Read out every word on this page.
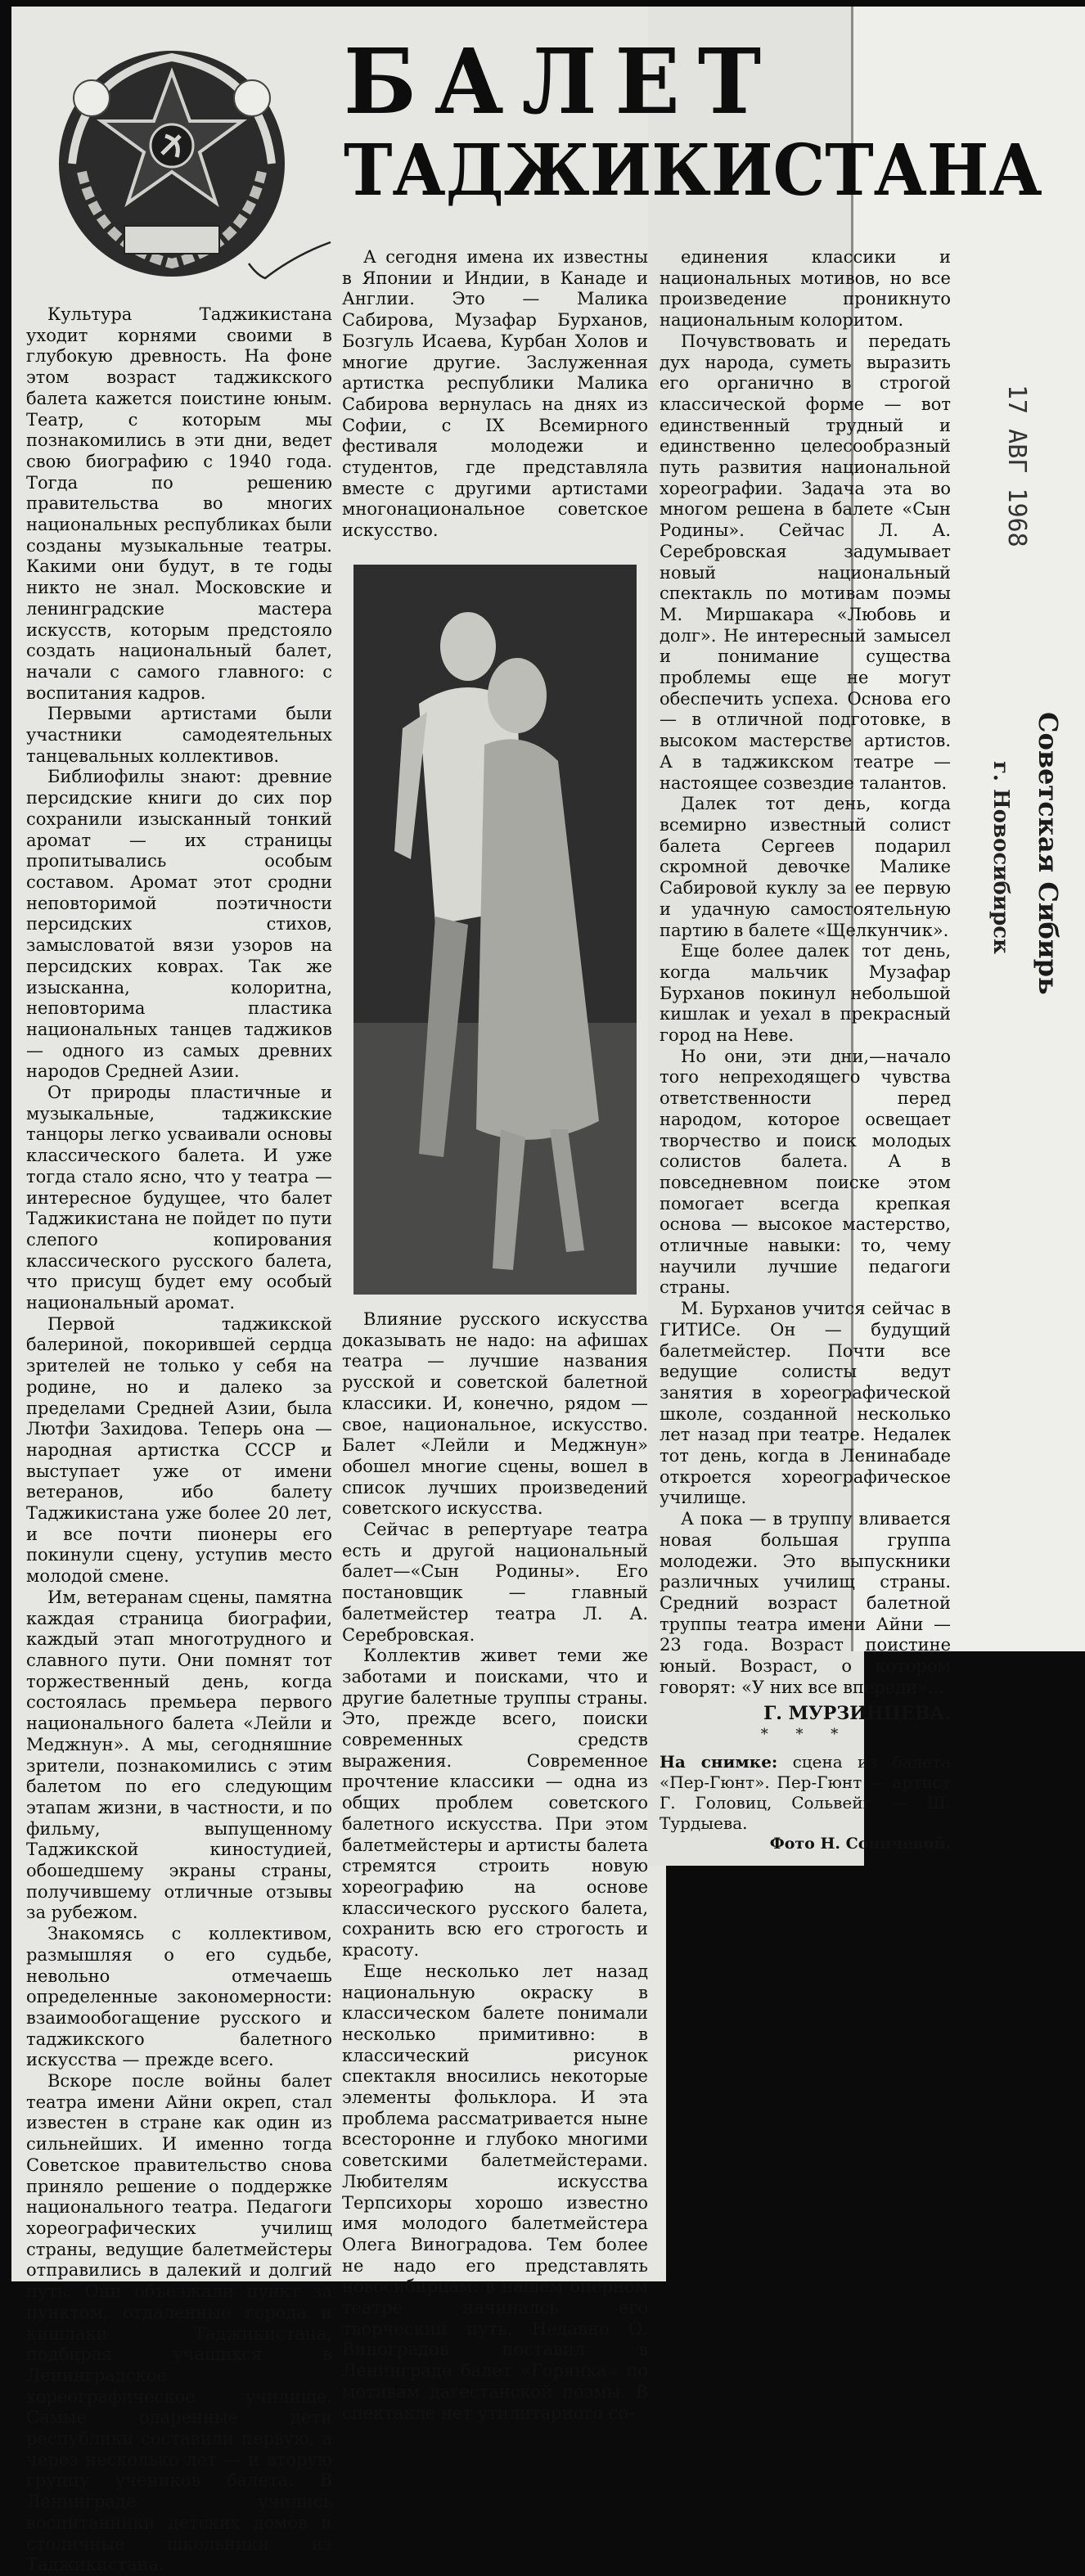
БАЛЕТ
ТАДЖИКИСТАНА

Культура Таджикистана уходит корнями своими в глубокую древность. На фоне этом возраст таджикского балета кажется поистине юным. Театр, с которым мы познакомились в эти дни, ведет свою биографию с 1940 года. Тогда по решению правительства во многих национальных республиках были созданы музыкальные театры. Какими они будут, в те годы никто не знал. Московские и ленинградские мастера искусств, которым предстояло создать национальный балет, начали с самого главного: с воспитания кадров.

Первыми артистами были участники самодеятельных танцевальных коллективов.

Библиофилы знают: древние персидские книги до сих пор сохранили изысканный тонкий аромат — их страницы пропитывались особым составом. Аромат этот сродни неповторимой поэтичности персидских стихов, замысловатой вязи узоров на персидских коврах. Так же изысканна, колоритна, неповторима пластика национальных танцев таджиков — одного из самых древних народов Средней Азии.

От природы пластичные и музыкальные, таджикские танцоры легко усваивали основы классического балета. И уже тогда стало ясно, что у театра — интересное будущее, что балет Таджикистана не пойдет по пути слепого копирования классического русского балета, что присущ будет ему особый национальный аромат.

Первой таджикской балериной, покорившей сердца зрителей не только у себя на родине, но и далеко за пределами Средней Азии, была Лютфи Захидова. Теперь она — народная артистка СССР и выступает уже от имени ветеранов, ибо балету Таджикистана уже более 20 лет, и все почти пионеры его покинули сцену, уступив место молодой смене.

Им, ветеранам сцены, памятна каждая страница биографии, каждый этап многотрудного и славного пути. Они помнят тот торжественный день, когда состоялась премьера первого национального балета «Лейли и Меджнун». А мы, сегодняшние зрители, познакомились с этим балетом по его следующим этапам жизни, в частности, и по фильму, выпущенному Таджикской киностудией, обошедшему экраны страны, получившему отличные отзывы за рубежом.

Знакомясь с коллективом, размышляя о его судьбе, невольно отмечаешь определенные закономерности: взаимообогащение русского и таджикского балетного искусства — прежде всего.

Вскоре после войны балет театра имени Айни окреп, стал известен в стране как один из сильнейших. И именно тогда Советское правительство снова приняло решение о поддержке национального театра. Педагоги хореографических училищ страны, ведущие балетмейстеры отправились в далекий и долгий путь. Они объезжали пункт за пунктом, отдаленные города и кишлаки Таджикистана, подбирая учащихся в Ленинградское хореографическое училище. Самые одаренные дети республики составили первую, а через несколько лет — и вторую группу учеников балета. В Ленинграде учились воспитанники детских домов и столичные школьники из Таджикистана.

А сегодня имена их известны в Японии и Индии, в Канаде и Англии. Это — Малика Сабирова, Музафар Бурханов, Бозгуль Исаева, Курбан Холов и многие другие. Заслуженная артистка республики Малика Сабирова вернулась на днях из Софии, с IX Всемирного фестиваля молодежи и студентов, где представляла вместе с другими артистами многонациональное советское искусство.

Влияние русского искусства доказывать не надо: на афишах театра — лучшие названия русской и советской балетной классики. И, конечно, рядом — свое, национальное, искусство. Балет «Лейли и Меджнун» обошел многие сцены, вошел в список лучших произведений советского искусства.

Сейчас в репертуаре театра есть и другой национальный балет—«Сын Родины». Его постановщик — главный балетмейстер театра Л. А. Серебровская.

Коллектив живет теми же заботами и поисками, что и другие балетные труппы страны. Это, прежде всего, поиски современных средств выражения. Современное прочтение классики — одна из общих проблем советского балетного искусства. При этом балетмейстеры и артисты балета стремятся строить новую хореографию на основе классического русского балета, сохранить всю его строгость и красоту.

Еще несколько лет назад национальную окраску в классическом балете понимали несколько примитивно: в классический рисунок спектакля вносились некоторые элементы фольклора. И эта проблема рассматривается ныне всесторонне и глубоко многими советскими балетмейстерами. Любителям искусства Терпсихоры хорошо известно имя молодого балетмейстера Олега Виноградова. Тем более не надо его представлять новосибирцам: в нашем оперном театре начиналсь его творческий путь. Недавно О. Виноградов поставил в Ленинграде балет «Горянка» по мотивам дагестанской поэмы. В спектакле нет утилитарного со-

единения классики и национальных мотивов, но все произведение проникнуто национальным колоритом.

Почувствовать и передать дух народа, суметь выразить его органично в строгой классической форме — вот единственный трудный и единственно целесообразный путь развития национальной хореографии. Задача эта во многом решена в балете «Сын Родины». Сейчас Л. А. Серебровская задумывает новый национальный спектакль по мотивам поэмы М. Миршакара «Любовь и долг». Не интересный замысел и понимание существа проблемы еще не могут обеспечить успеха. Основа его — в отличной подготовке, в высоком мастерстве артистов. А в таджикском театре — настоящее созвездие талантов.

Далек тот день, когда всемирно известный солист балета Сергеев подарил скромной девочке Малике Сабировой куклу за ее первую и удачную самостоятельную партию в балете «Щелкунчик».

Еще более далек тот день, когда мальчик Музафар Бурханов покинул небольшой кишлак и уехал в прекрасный город на Неве.

Но они, эти дни,—начало того непреходящего чувства ответственности перед народом, которое освещает творчество и поиск молодых солистов балета. А в повседневном поиске этом помогает всегда крепкая основа — высокое мастерство, отличные навыки: то, чему научили лучшие педагоги страны.

М. Бурханов учится сейчас в ГИТИСе. Он — будущий балетмейстер. Почти все ведущие солисты ведут занятия в хореографической школе, созданной несколько лет назад при театре. Недалек тот день, когда в Ленинабаде откроется хореографическое училище.

А пока — в труппу вливается новая большая группа молодежи. Это выпускники различных училищ страны. Средний возраст балетной труппы театра имени Айни — 23 года. Возраст поистине юный. Возраст, о котором говорят: «У них все впереди»...

Г. МУРЗИНЦЕВА.
* * *
На снимке: сцена из балета «Пер-Гюнт». Пер-Гюнт — артист Г. Головиц, Сольвейг — Ш. Турдыева.
Фото Н. Соничевой.
17 АВГ 1968
Советская Сибирь
г. Новосибирск
